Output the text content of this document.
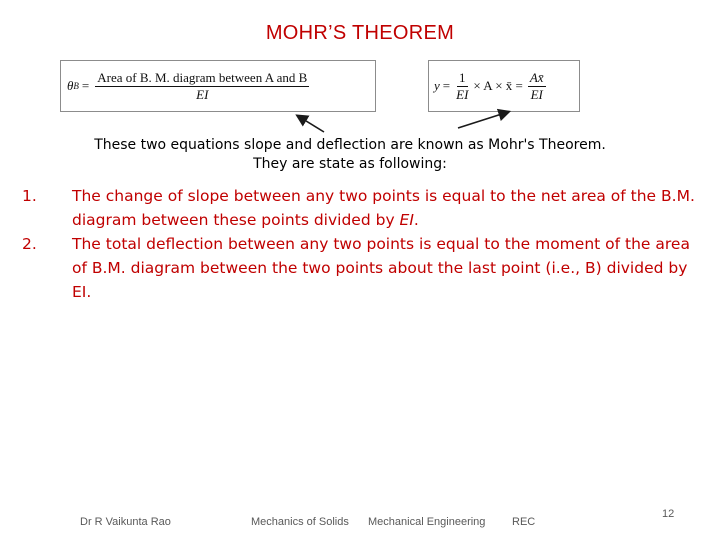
MOHR’S THEOREM
θ $B = \frac{\text{Area of B. M. diagram between A and B}}{EI}$	$y = \frac{1}{EI} \times A$ × x̄ = $\frac{Ax̄}{EI}$
These two equations slope and deflection are known as Mohr's Theorem.
They are state as following:
1. The change of slope between any two points is equal to the net area of the B.M. diagram between these points divided by EI.
2. The total deflection between any two points is equal to the moment of the area of B.M. diagram between the two points about the last point (i.e., B) divided by EI.
Dr R Vaikunta Rao	Mechanics of Solids Mechanical Engineering REC
12
